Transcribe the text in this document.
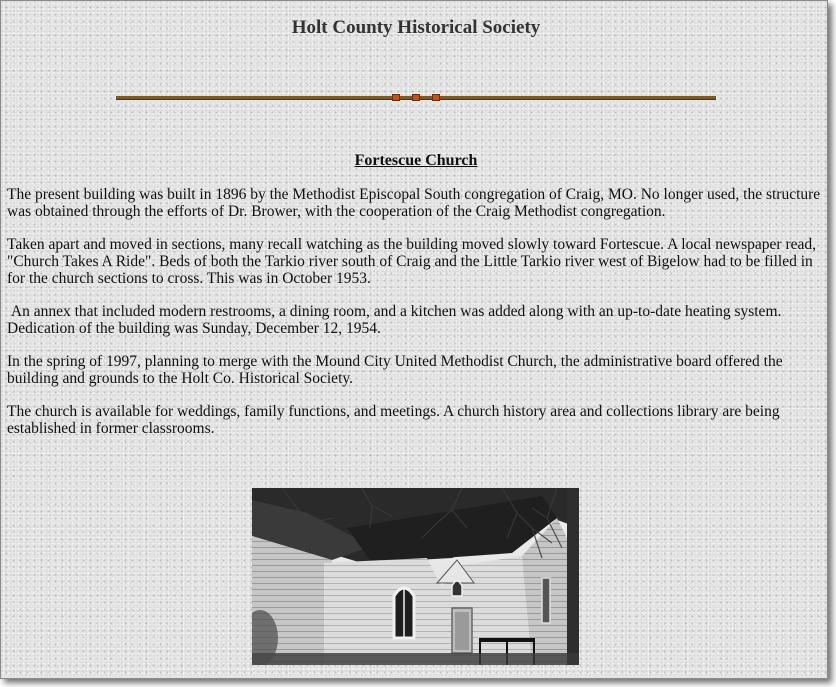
Holt County Historical Society
Fortescue Church

The present building was built in 1896 by the Methodist Episcopal South congregation of Craig, MO. No longer used, the structure was obtained through the efforts of Dr. Brower, with the cooperation of the Craig Methodist congregation.

Taken apart and moved in sections, many recall watching as the building moved slowly toward Fortescue. A local newspaper read, "Church Takes A Ride". Beds of both the Tarkio river south of Craig and the Little Tarkio river west of Bigelow had to be filled in for the church sections to cross. This was in October 1953.

An annex that included modern restrooms, a dining room, and a kitchen was added along with an up-to-date heating system. Dedication of the building was Sunday, December 12, 1954.

In the spring of 1997, planning to merge with the Mound City United Methodist Church, the administrative board offered the building and grounds to the Holt Co. Historical Society.

The church is available for weddings, family functions, and meetings. A church history area and collections library are being established in former classrooms.
